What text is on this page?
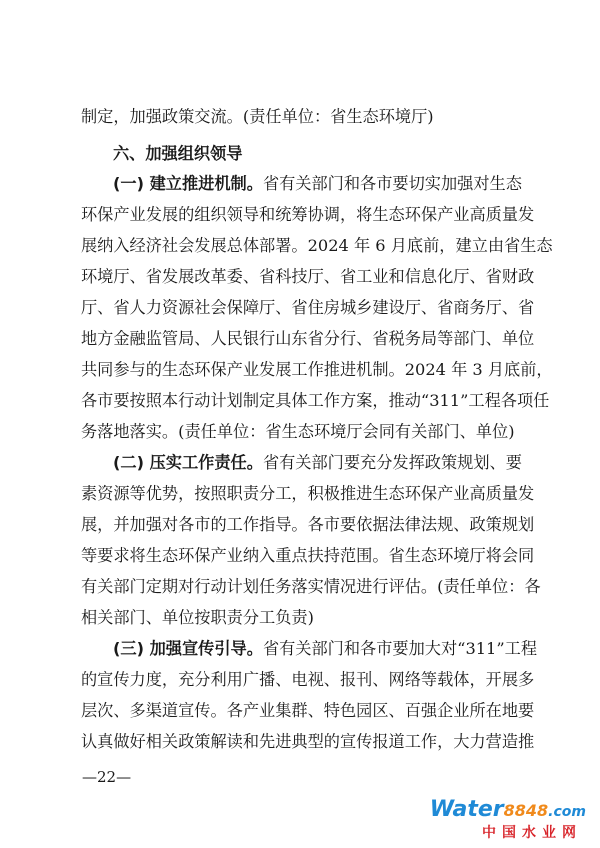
制定，加强政策交流。(责任单位：省生态环境厅)
六、加强组织领导
(一) 建立推进机制。省有关部门和各市要切实加强对生态
环保产业发展的组织领导和统筹协调，将生态环保产业高质量发
展纳入经济社会发展总体部署。2024 年 6 月底前，建立由省生态
环境厅、省发展改革委、省科技厅、省工业和信息化厅、省财政
厅、省人力资源社会保障厅、省住房城乡建设厅、省商务厅、省
地方金融监管局、人民银行山东省分行、省税务局等部门、单位
共同参与的生态环保产业发展工作推进机制。2024 年 3 月底前，
各市要按照本行动计划制定具体工作方案，推动“311”工程各项任
务落地落实。(责任单位：省生态环境厅会同有关部门、单位)
(二) 压实工作责任。省有关部门要充分发挥政策规划、要
素资源等优势，按照职责分工，积极推进生态环保产业高质量发
展，并加强对各市的工作指导。各市要依据法律法规、政策规划
等要求将生态环保产业纳入重点扶持范围。省生态环境厅将会同
有关部门定期对行动计划任务落实情况进行评估。(责任单位：各
相关部门、单位按职责分工负责)
(三) 加强宣传引导。省有关部门和各市要加大对“311”工程
的宣传力度，充分利用广播、电视、报刊、网络等载体，开展多
层次、多渠道宣传。各产业集群、特色园区、百强企业所在地要
认真做好相关政策解读和先进典型的宣传报道工作，大力营造推
—22—
Water8848.com
中国水业网
